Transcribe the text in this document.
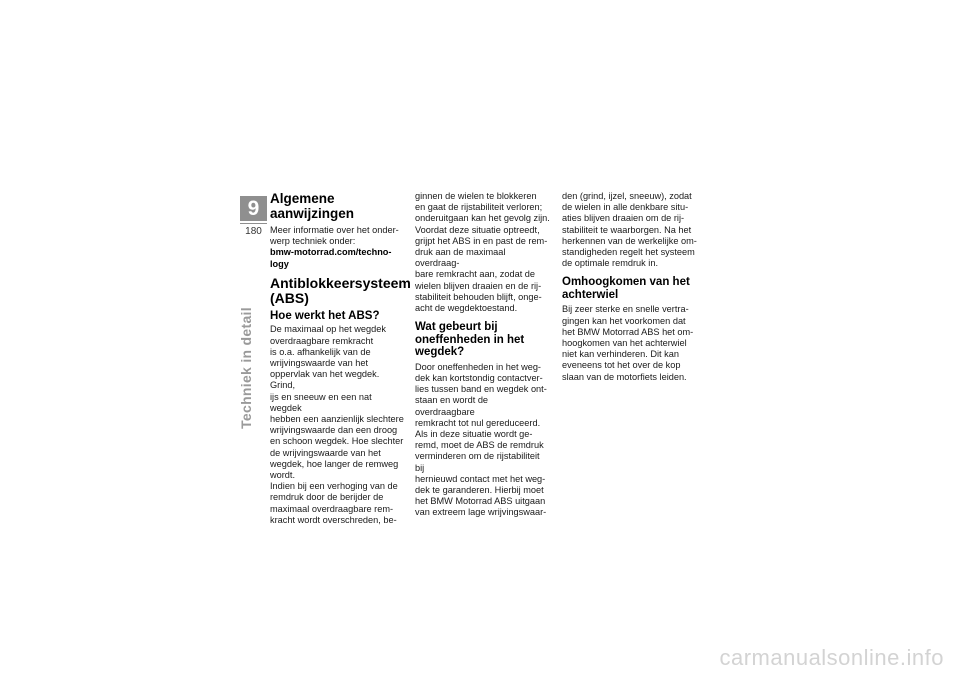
9
180
Techniek in detail
Algemene aanwijzingen

Meer informatie over het onder-
werp techniek onder:

bmw-motorrad.com/techno-
logy

Antiblokkeersysteem
(ABS)
Hoe werkt het ABS?

De maximaal op het wegdek
overdraagbare remkracht
is o.a. afhankelijk van de
wrijvingswaarde van het
oppervlak van het wegdek. Grind,
ijs en sneeuw en een nat wegdek
hebben een aanzienlijk slechtere
wrijvingswaarde dan een droog
en schoon wegdek. Hoe slechter
de wrijvingswaarde van het
wegdek, hoe langer de remweg
wordt.
Indien bij een verhoging van de
remdruk door de berijder de
maximaal overdraagbare rem-
kracht wordt overschreden, be-

ginnen de wielen te blokkeren
en gaat de rijstabiliteit verloren;
onderuitgaan kan het gevolg zijn.
Voordat deze situatie optreedt,
grijpt het ABS in en past de rem-
druk aan de maximaal overdraag-
bare remkracht aan, zodat de
wielen blijven draaien en de rij-
stabiliteit behouden blijft, onge-
acht de wegdektoestand.

Wat gebeurt bij
oneffenheden in het
wegdek?

Door oneffenheden in het weg-
dek kan kortstondig contactver-
lies tussen band en wegdek ont-
staan en wordt de overdraagbare
remkracht tot nul gereduceerd.
Als in deze situatie wordt ge-
remd, moet de ABS de remdruk
verminderen om de rijstabiliteit bij
hernieuwd contact met het weg-
dek te garanderen. Hierbij moet
het BMW Motorrad ABS uitgaan
van extreem lage wrijvingswaar-

den (grind, ijzel, sneeuw), zodat
de wielen in alle denkbare situ-
aties blijven draaien om de rij-
stabiliteit te waarborgen. Na het
herkennen van de werkelijke om-
standigheden regelt het systeem
de optimale remdruk in.

Omhoogkomen van het
achterwiel

Bij zeer sterke en snelle vertra-
gingen kan het voorkomen dat
het BMW Motorrad ABS het om-
hoogkomen van het achterwiel
niet kan verhinderen. Dit kan
eveneens tot het over de kop
slaan van de motorfiets leiden.

carmanualsonline.info
